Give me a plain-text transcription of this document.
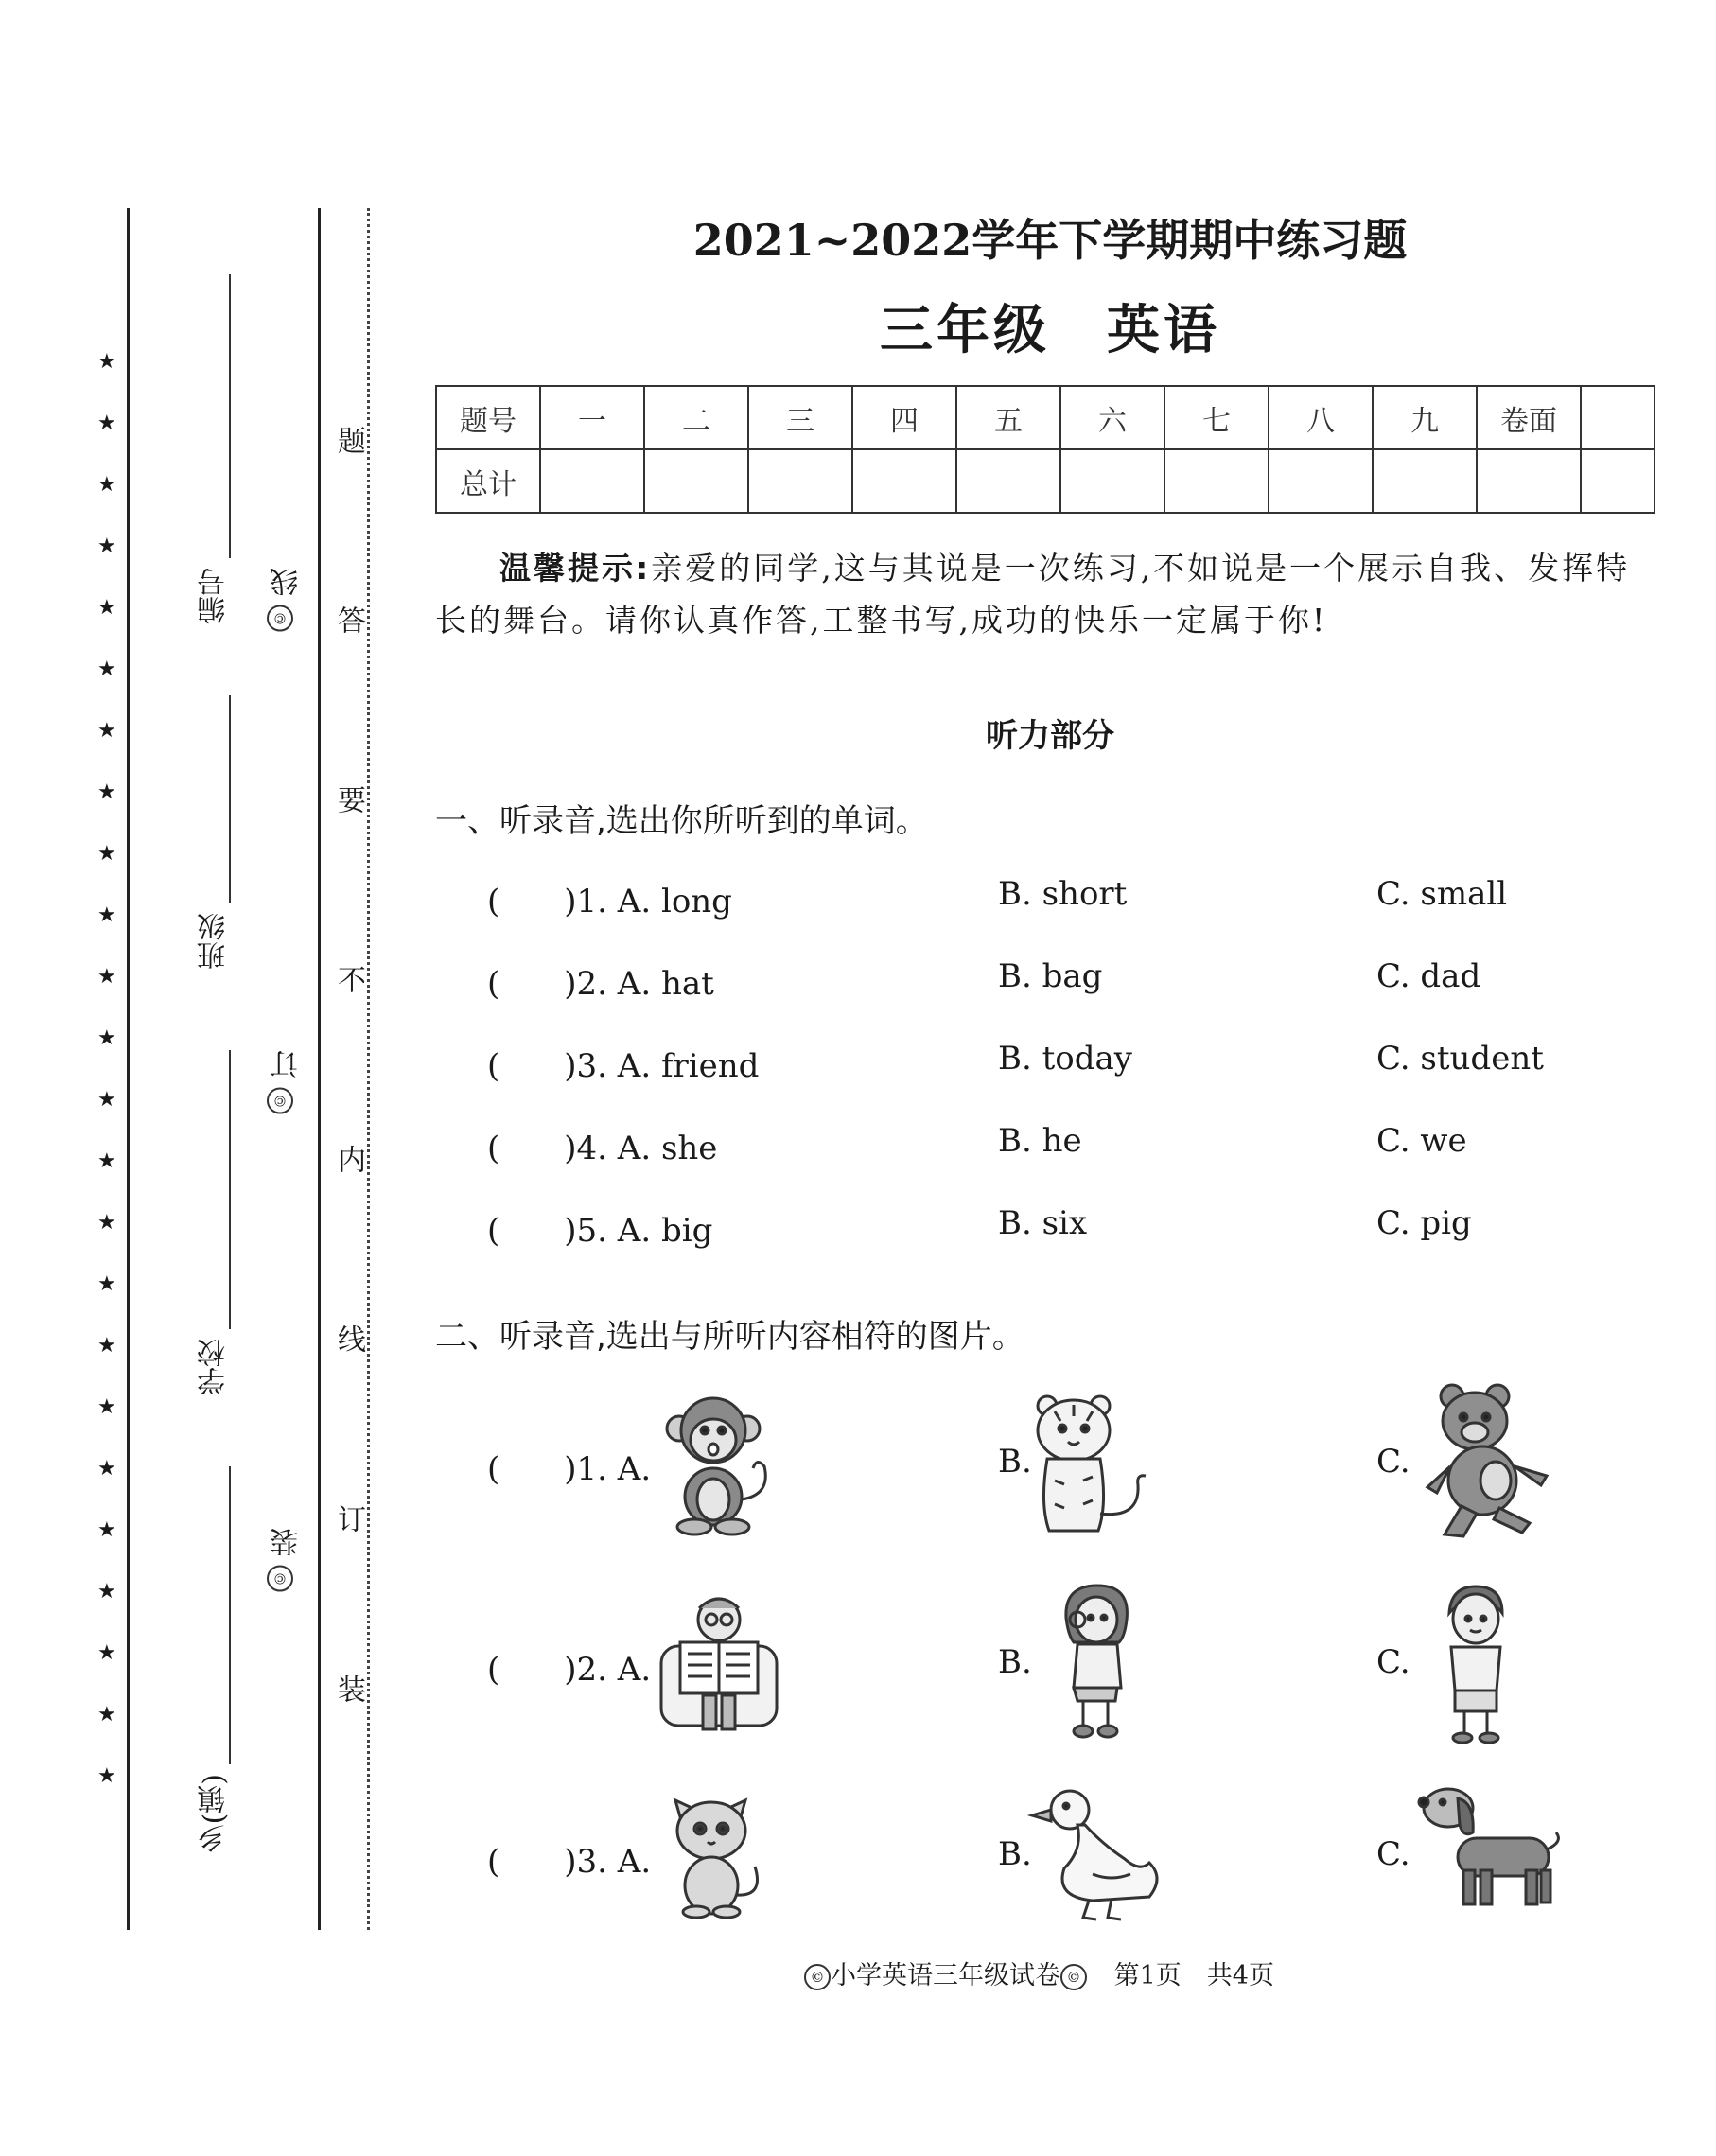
★
★
★
★
★
★
★
★
★
★
★
★
★
★
★
★
★
★
★
★
★
★
★
★
编号
班级
学校
乡(镇)
© 线
© 订
© 装
题
答
要
不
内
线
订
装
2021~2022学年下学期期中练习题
三年级　英语
题号	一	二	三	四	五	六	七	八	九	卷面	
总计											
温馨提示:亲爱的同学,这与其说是一次练习,不如说是一个展示自我、发挥特长的舞台。请你认真作答,工整书写,成功的快乐一定属于你!
听力部分
一、听录音,选出你所听到的单词。
(　　)1. A. long	B. short	C. small
(　　)2. A. hat	B. bag	C. dad
(　　)3. A. friend	B. today	C. student
(　　)4. A. she	B. he	C. we
(　　)5. A. big	B. six	C. pig
二、听录音,选出与所听内容相符的图片。
(　　)1. A.	B.	C.
(　　)2. A.	B.	C.
(　　)3. A.	B.	C.
© 小学英语三年级试卷 © 第1页　共4页
